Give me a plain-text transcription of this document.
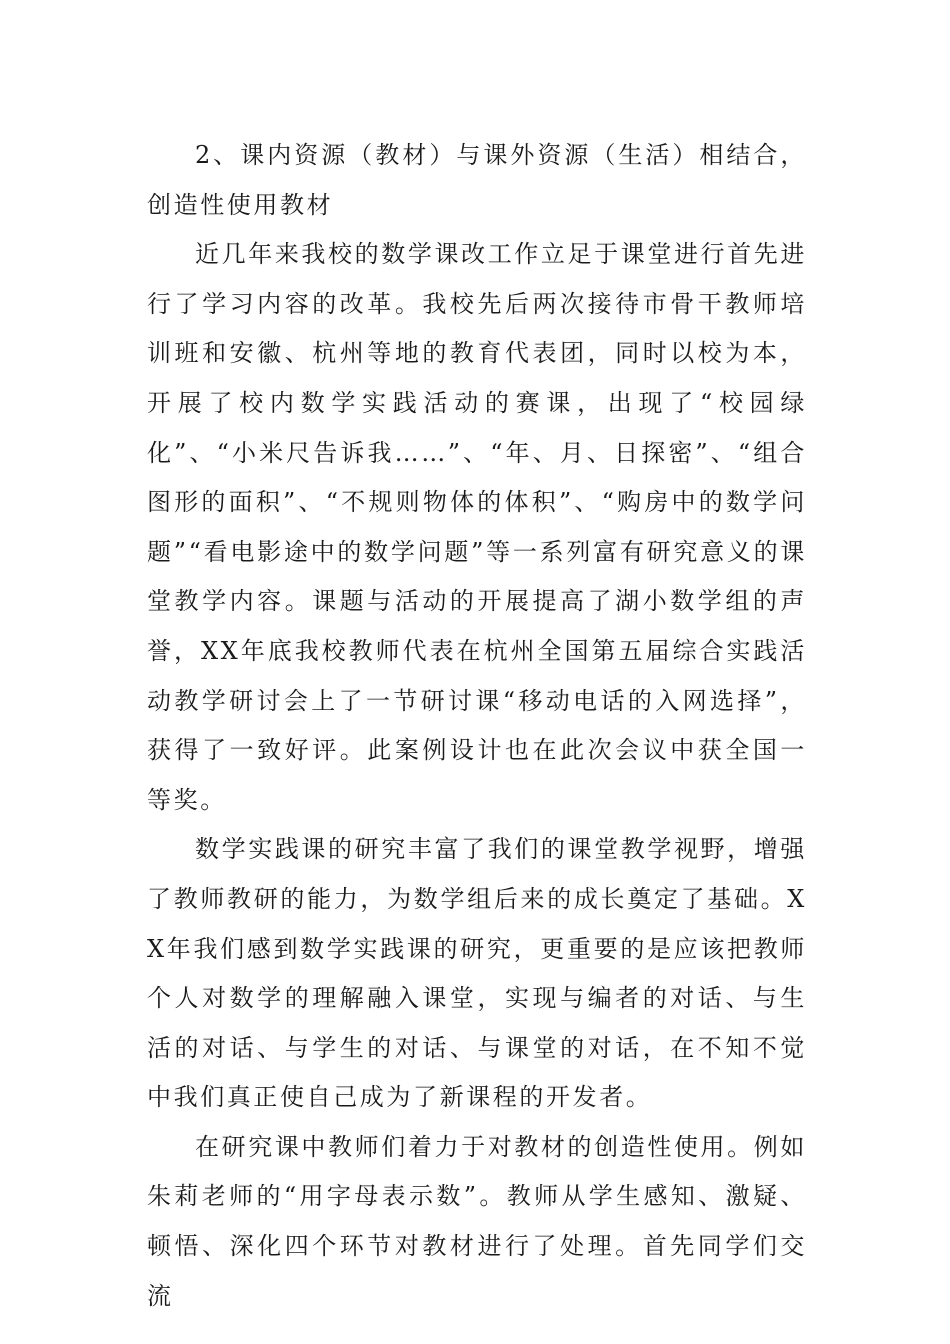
2、课内资源（教材）与课外资源（生活）相结合，创造性使用教材

近几年来我校的数学课改工作立足于课堂进行首先进行了学习内容的改革。我校先后两次接待市骨干教师培训班和安徽、杭州等地的教育代表团，同时以校为本，开展了校内数学实践活动的赛课，出现了“校园绿化”、“小米尺告诉我……”、“年、月、日探密”、“组合图形的面积”、“不规则物体的体积”、“购房中的数学问题”“看电影途中的数学问题”等一系列富有研究意义的课堂教学内容。课题与活动的开展提高了湖小数学组的声誉，XX年底我校教师代表在杭州全国第五届综合实践活动教学研讨会上了一节研讨课“移动电话的入网选择”，获得了一致好评。此案例设计也在此次会议中获全国一等奖。

数学实践课的研究丰富了我们的课堂教学视野，增强了教师教研的能力，为数学组后来的成长奠定了基础。XX年我们感到数学实践课的研究，更重要的是应该把教师个人对数学的理解融入课堂，实现与编者的对话、与生活的对话、与学生的对话、与课堂的对话，在不知不觉中我们真正使自己成为了新课程的开发者。

在研究课中教师们着力于对教材的创造性使用。例如朱莉老师的“用字母表示数”。教师从学生感知、激疑、顿悟、深化四个环节对教材进行了处理。首先同学们交流
